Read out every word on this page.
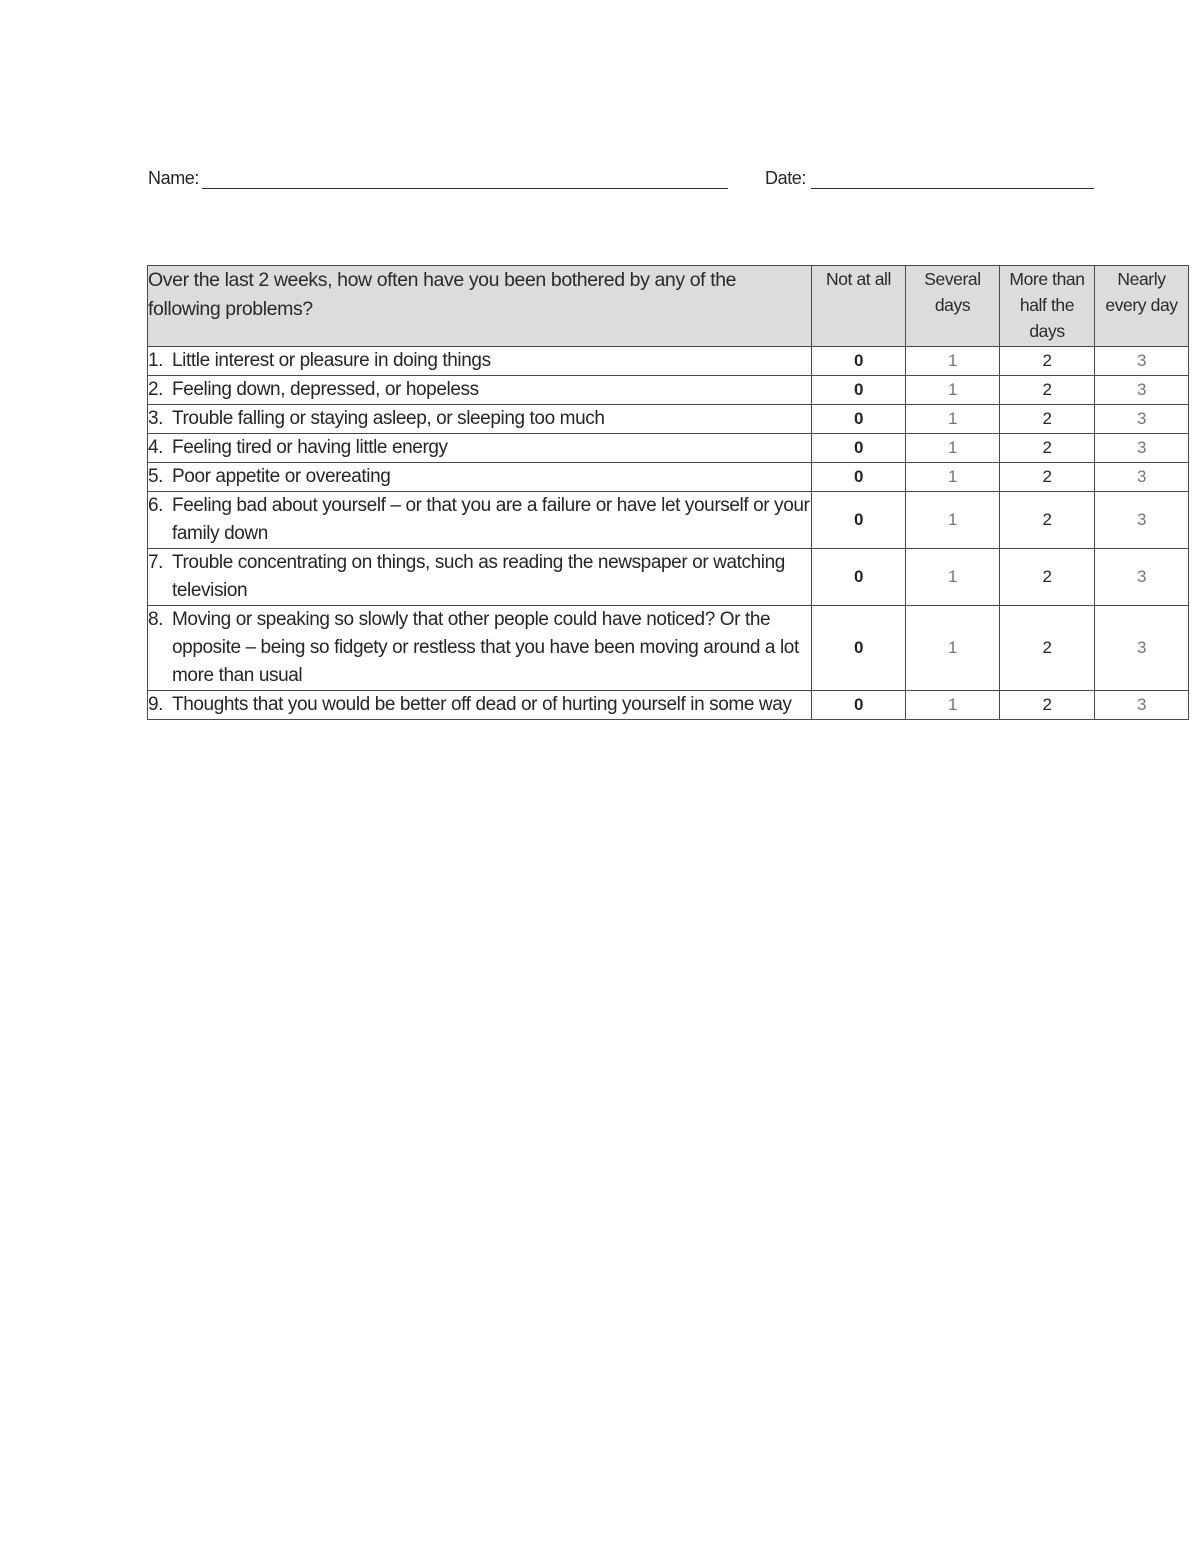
Name:	Date:
Over the last 2 weeks, how often have you been bothered by any of the following problems?	Not at all	Several days	More than half the days	Nearly every day

1. Little interest or pleasure in doing things	0	1	2	3

2. Feeling down, depressed, or hopeless	0	1	2	3

3. Trouble falling or staying asleep, or sleeping too much	0	1	2	3

4. Feeling tired or having little energy	0	1	2	3

5. Poor appetite or overeating	0	1	2	3

6. Feeling bad about yourself – or that you are a failure or have let yourself or your family down	0	1	2	3

7. Trouble concentrating on things, such as reading the newspaper or watching television	0	1	2	3

8. Moving or speaking so slowly that other people could have noticed? Or the opposite – being so fidgety or restless that you have been moving around a lot more than usual	0	1	2	3

9. Thoughts that you would be better off dead or of hurting yourself in some way	0	1	2	3
